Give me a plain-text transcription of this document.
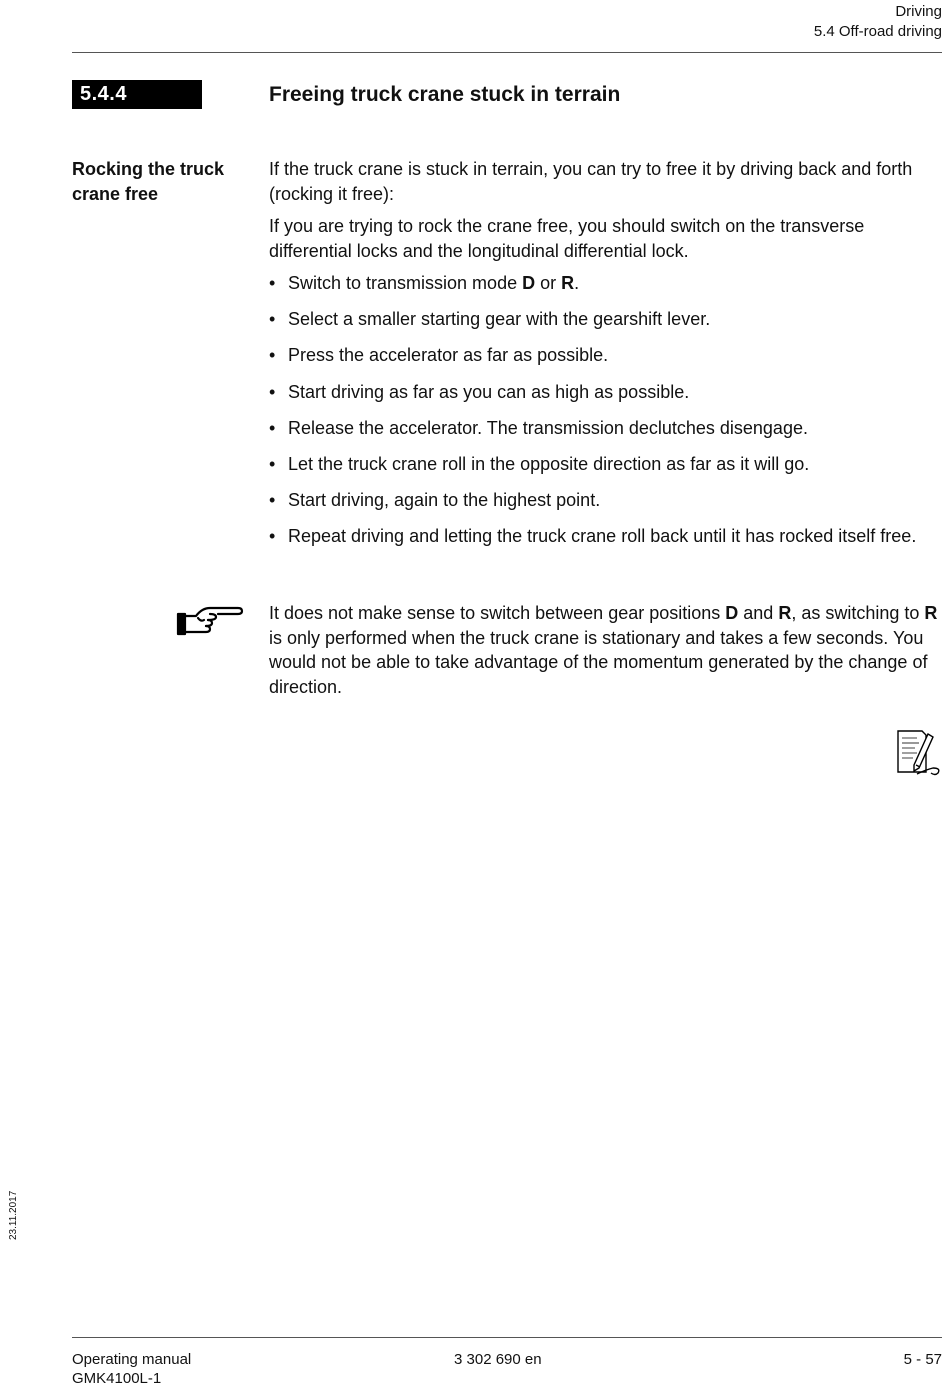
Driving
5.4 Off-road driving
5.4.4	Freeing truck crane stuck in terrain
Rocking the truck crane free

If the truck crane is stuck in terrain, you can try to free it by driving back and forth (rocking it free):

If you are trying to rock the crane free, you should switch on the transverse differential locks and the longitudinal differential lock.

• Switch to transmission mode D or R.
• Select a smaller starting gear with the gearshift lever.
• Press the accelerator as far as possible.
• Start driving as far as you can as high as possible.
• Release the accelerator. The transmission declutches disengage.
• Let the truck crane roll in the opposite direction as far as it will go.
• Start driving, again to the highest point.
• Repeat driving and letting the truck crane roll back until it has rocked itself free.
It does not make sense to switch between gear positions D and R, as switching to R is only performed when the truck crane is stationary and takes a few seconds. You would not be able to take advantage of the momentum generated by the change of direction.
23.11.2017
Operating manual
GMK4100L-1
3 302 690 en	5 - 57
